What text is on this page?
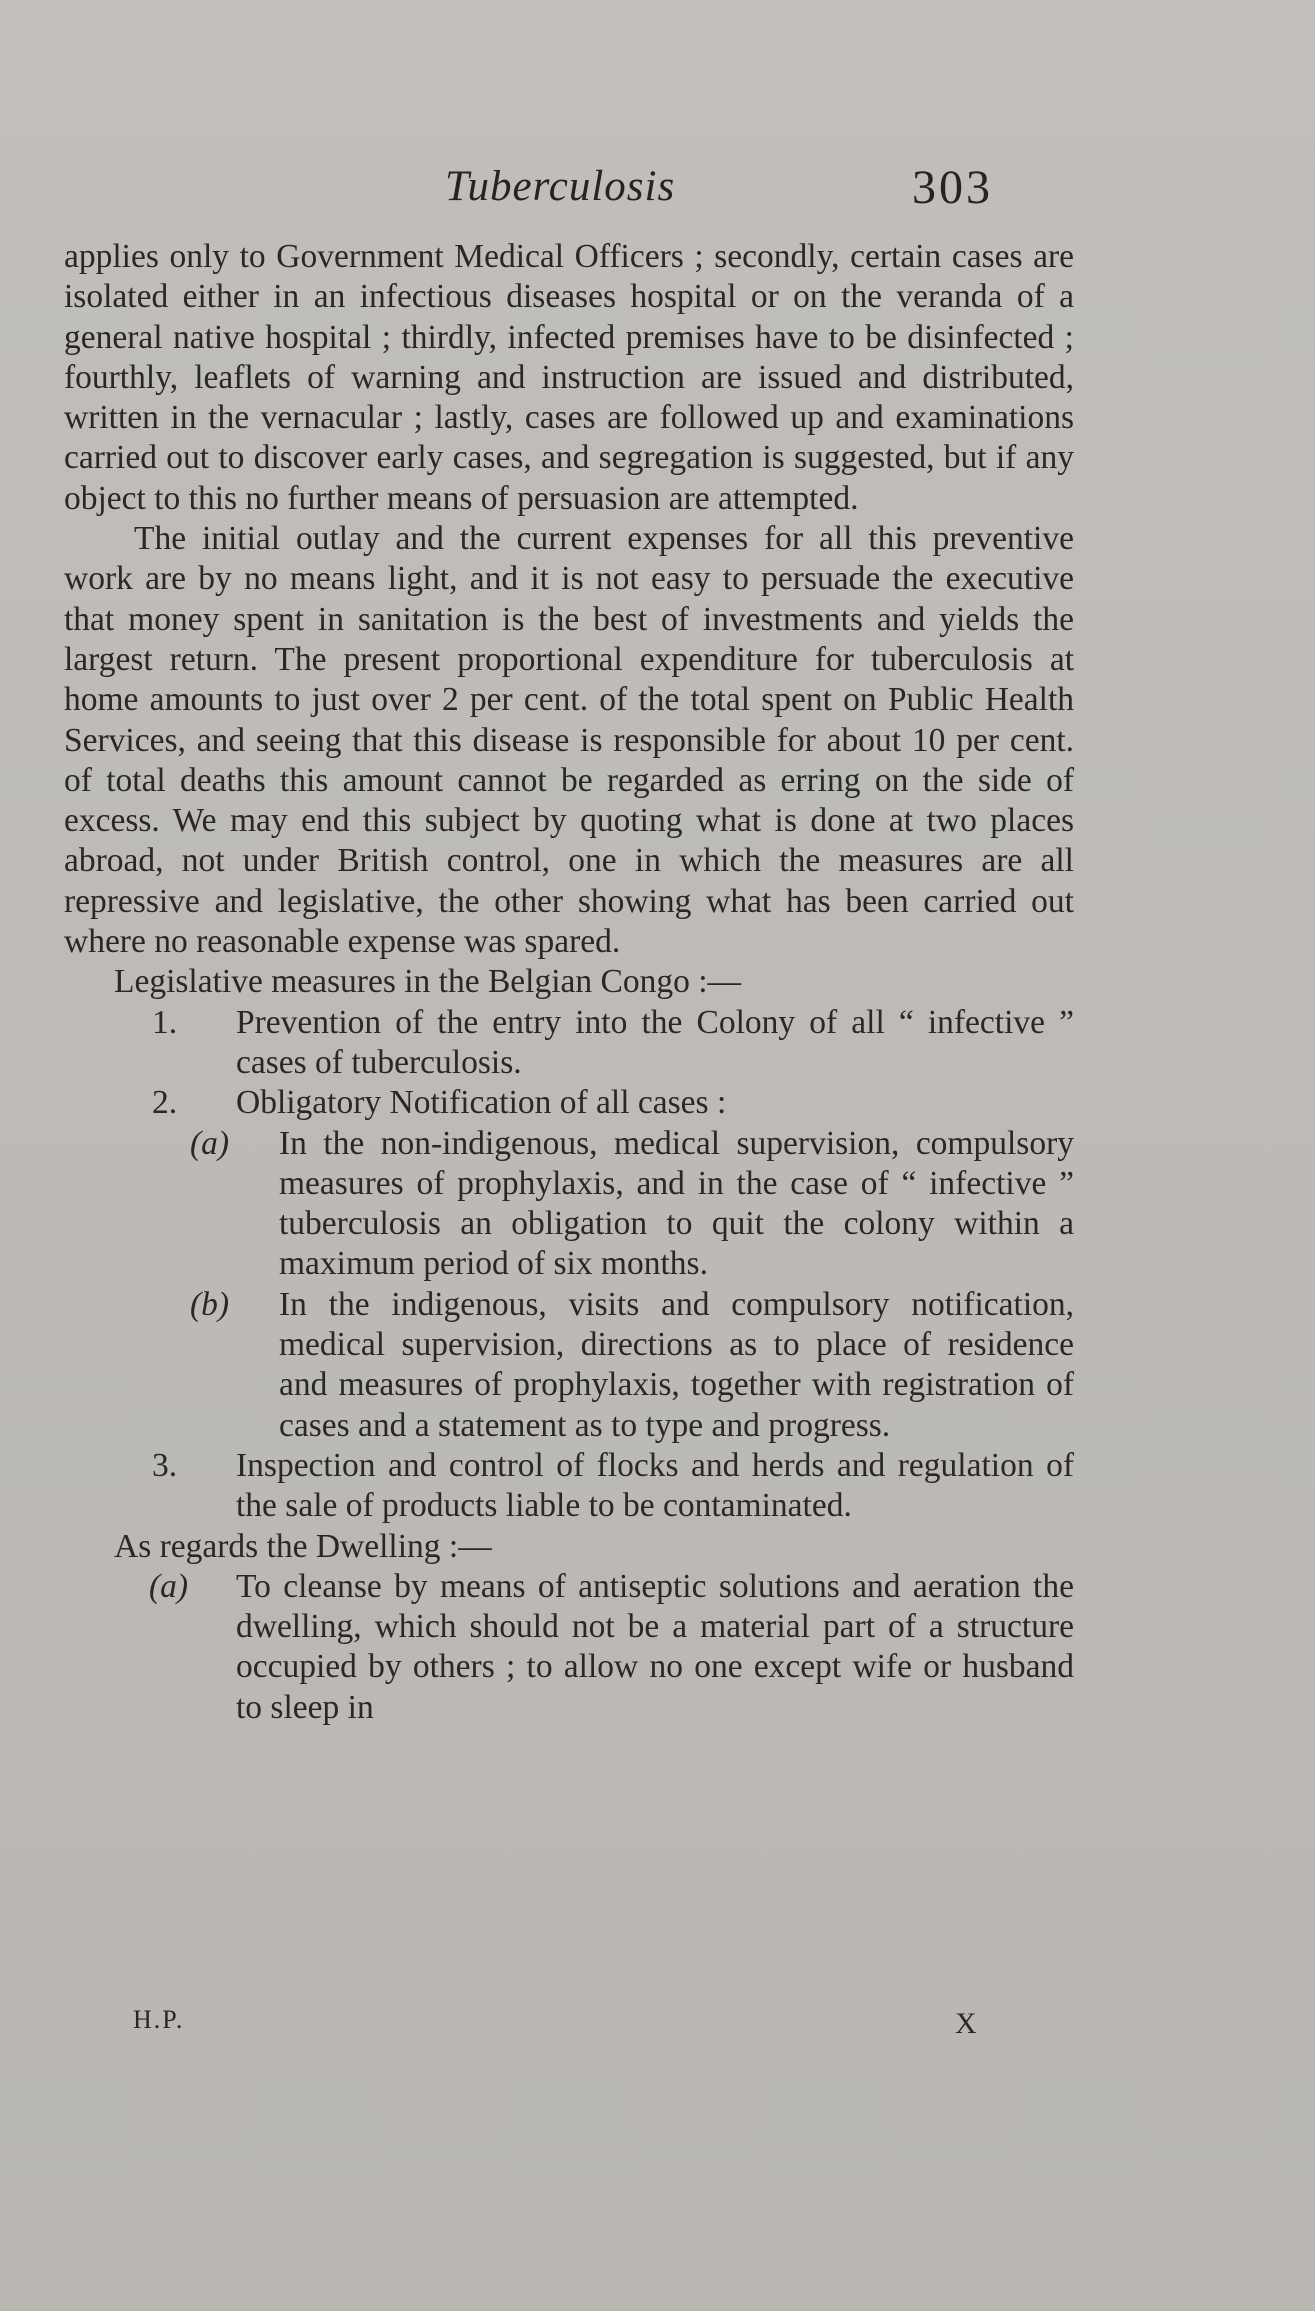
Tuberculosis	303

applies only to Government Medical Officers ; secondly, certain cases are isolated either in an infectious diseases hospital or on the veranda of a general native hospital ; thirdly, infected premises have to be disinfected ; fourthly, leaflets of warning and instruction are issued and distributed, written in the vernacular ; lastly, cases are followed up and examinations carried out to discover early cases, and segregation is suggested, but if any object to this no further means of persuasion are attempted.

The initial outlay and the current expenses for all this preventive work are by no means light, and it is not easy to persuade the executive that money spent in sanitation is the best of investments and yields the largest return. The present proportional expenditure for tuberculosis at home amounts to just over 2 per cent. of the total spent on Public Health Services, and seeing that this disease is responsible for about 10 per cent. of total deaths this amount cannot be regarded as erring on the side of excess. We may end this subject by quoting what is done at two places abroad, not under British control, one in which the measures are all repressive and legislative, the other showing what has been carried out where no reasonable expense was spared.

Legislative measures in the Belgian Congo :—

1. Prevention of the entry into the Colony of all “ infective ” cases of tuberculosis.
2. Obligatory Notification of all cases :
(a) In the non-indigenous, medical supervision, compulsory measures of prophylaxis, and in the case of “ infective ” tuberculosis an obligation to quit the colony within a maximum period of six months.
(b) In the indigenous, visits and compulsory notification, medical supervision, directions as to place of residence and measures of prophylaxis, together with registration of cases and a statement as to type and progress.
3. Inspection and control of flocks and herds and regulation of the sale of products liable to be contaminated.

As regards the Dwelling :—

(a) To cleanse by means of antiseptic solutions and aeration the dwelling, which should not be a material part of a structure occupied by others ; to allow no one except wife or husband to sleep in
H.P.	X
